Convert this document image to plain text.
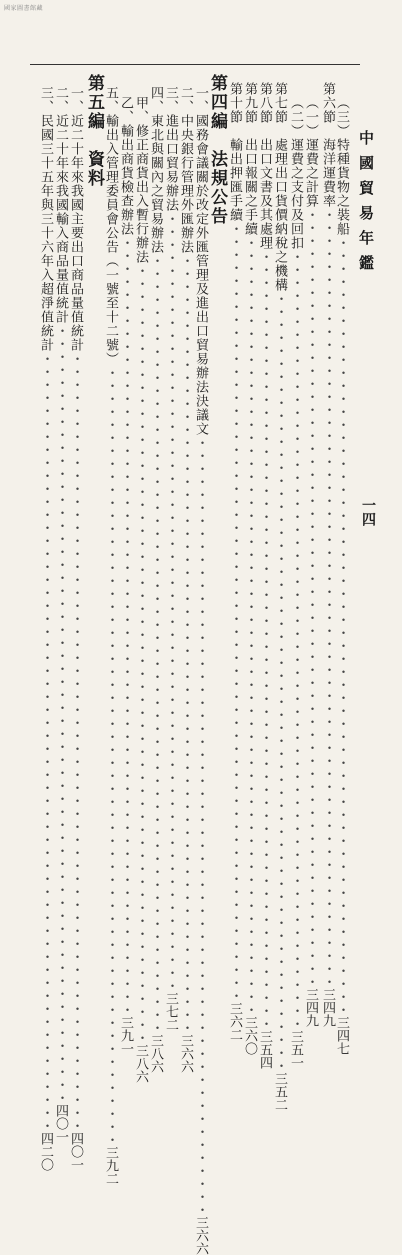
國家圖書館藏
中國貿易年鑑
一四
（三）特種貨物之裝船
・・・・・・・・・・・・・・・・・・・・・・・・・・・・・・・・・・・・・・・・・・・・・・・・・・・・・・・・・・・・
三四七
第六節　海洋運費率
・・・・・・・・・・・・・・・・・・・・・・・・・・・・・・・・・・・・・・・・・・・・・・・・・・・・・・・・・・・・
三四九
（一）運費之計算
・・・・・・・・・・・・・・・・・・・・・・・・・・・・・・・・・・・・・・・・・・・・・・・・・・・・・・・・・・・・
三四九
（二）運費之支付及回扣
・・・・・・・・・・・・・・・・・・・・・・・・・・・・・・・・・・・・・・・・・・・・・・・・・・・・・・・・・・・・
三五一
第七節　處理出口貨價納稅之機構
・・・・・・・・・・・・・・・・・・・・・・・・・・・・・・・・・・・・・・・・・・・・・・・・・・・・・・・・・・・・
三五二
第八節　出口文書及其處理
・・・・・・・・・・・・・・・・・・・・・・・・・・・・・・・・・・・・・・・・・・・・・・・・・・・・・・・・・・・・
三五四
第九節　出口報關之手續
・・・・・・・・・・・・・・・・・・・・・・・・・・・・・・・・・・・・・・・・・・・・・・・・・・・・・・・・・・・・
三六〇
第十節　輸出押匯手續
・・・・・・・・・・・・・・・・・・・・・・・・・・・・・・・・・・・・・・・・・・・・・・・・・・・・・・・・・・・・
三六二
第四編　法規公告
一、國務會議關於改定外匯管理及進出口貿易辦法決議文
・・・・・・・・・・・・・・・・・・・・・・・・・・・・・・・・・・・・・・・・・・・・・・・・・・・・・・・・・・・・
三六六
二、中央銀行管理外匯辦法
・・・・・・・・・・・・・・・・・・・・・・・・・・・・・・・・・・・・・・・・・・・・・・・・・・・・・・・・・・・・
三六六
三、進出口貿易辦法
・・・・・・・・・・・・・・・・・・・・・・・・・・・・・・・・・・・・・・・・・・・・・・・・・・・・・・・・・・・・
三七二
四、東北與關內之貿易辦法
・・・・・・・・・・・・・・・・・・・・・・・・・・・・・・・・・・・・・・・・・・・・・・・・・・・・・・・・・・・・
三八六
甲、修正商貨出入暫行辦法
・・・・・・・・・・・・・・・・・・・・・・・・・・・・・・・・・・・・・・・・・・・・・・・・・・・・・・・・・・・・
三八六
乙、輸出商貨檢查辦法
・・・・・・・・・・・・・・・・・・・・・・・・・・・・・・・・・・・・・・・・・・・・・・・・・・・・・・・・・・・・
三九一
五、輸出入管理委員會公告（一號至十二號）
・・・・・・・・・・・・・・・・・・・・・・・・・・・・・・・・・・・・・・・・・・・・・・・・・・・・・・・・・・・・
三九二
第五編　資料
一、近二十年來我國主要出口商品量值統計
・・・・・・・・・・・・・・・・・・・・・・・・・・・・・・・・・・・・・・・・・・・・・・・・・・・・・・・・・・・・
四〇一
二、近二十年來我國輸入商品量值統計
・・・・・・・・・・・・・・・・・・・・・・・・・・・・・・・・・・・・・・・・・・・・・・・・・・・・・・・・・・・・
四〇一
三、民國三十五年與三十六年入超淨值統計
・・・・・・・・・・・・・・・・・・・・・・・・・・・・・・・・・・・・・・・・・・・・・・・・・・・・・・・・・・・・
四二〇
